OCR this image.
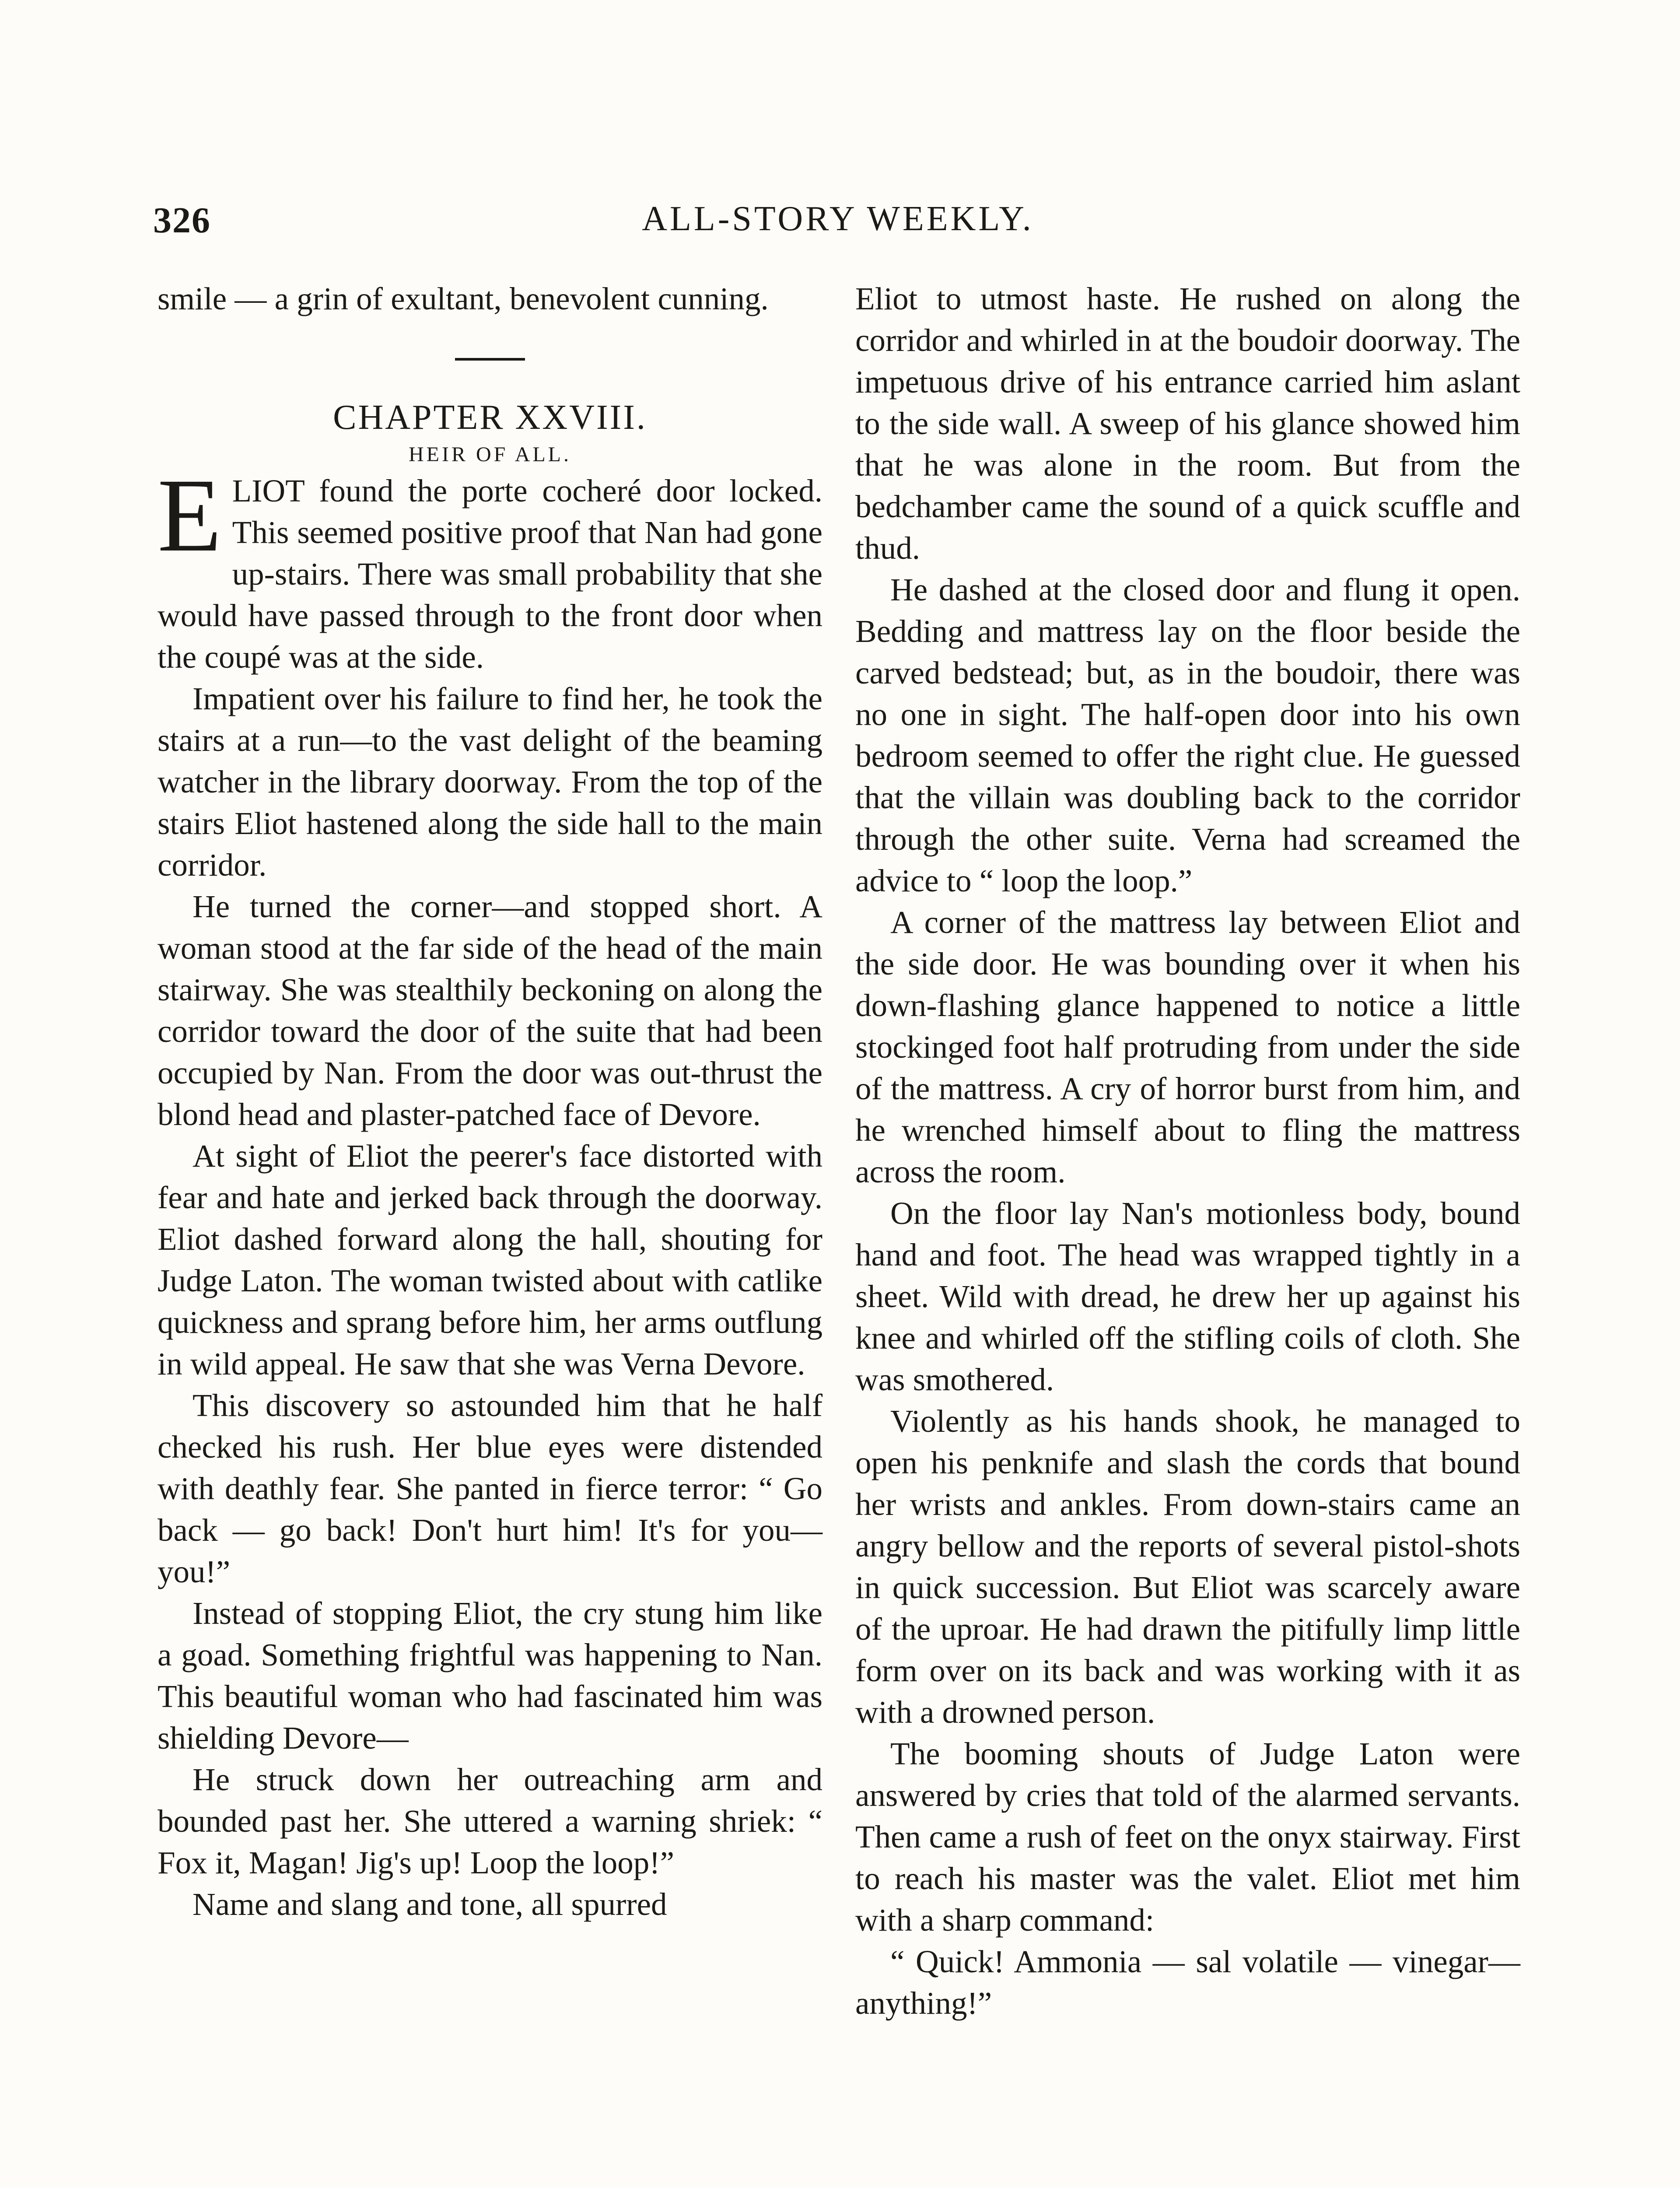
326	ALL-STORY WEEKLY.

smile — a grin of exultant, benevolent cunning.

CHAPTER XXVIII.

HEIR OF ALL.

ELIOT found the porte cocheré door locked. This seemed positive proof that Nan had gone up-stairs. There was small probability that she would have passed through to the front door when the coupé was at the side.

Impatient over his failure to find her, he took the stairs at a run—to the vast delight of the beaming watcher in the library doorway. From the top of the stairs Eliot hastened along the side hall to the main corridor.

He turned the corner—and stopped short. A woman stood at the far side of the head of the main stairway. She was stealthily beckoning on along the corridor toward the door of the suite that had been occupied by Nan. From the door was out-thrust the blond head and plaster-patched face of Devore.

At sight of Eliot the peerer's face distorted with fear and hate and jerked back through the doorway. Eliot dashed forward along the hall, shouting for Judge Laton. The woman twisted about with catlike quickness and sprang before him, her arms outflung in wild appeal. He saw that she was Verna Devore.

This discovery so astounded him that he half checked his rush. Her blue eyes were distended with deathly fear. She panted in fierce terror: “ Go back — go back! Don't hurt him! It's for you—you!”

Instead of stopping Eliot, the cry stung him like a goad. Something frightful was happening to Nan. This beautiful woman who had fascinated him was shielding Devore—

He struck down her outreaching arm and bounded past her. She uttered a warning shriek: “ Fox it, Magan! Jig's up! Loop the loop!”

Name and slang and tone, all spurred

Eliot to utmost haste. He rushed on along the corridor and whirled in at the boudoir doorway. The impetuous drive of his entrance carried him aslant to the side wall. A sweep of his glance showed him that he was alone in the room. But from the bedchamber came the sound of a quick scuffle and thud.

He dashed at the closed door and flung it open. Bedding and mattress lay on the floor beside the carved bedstead; but, as in the boudoir, there was no one in sight. The half-open door into his own bedroom seemed to offer the right clue. He guessed that the villain was doubling back to the corridor through the other suite. Verna had screamed the advice to “ loop the loop.”

A corner of the mattress lay between Eliot and the side door. He was bounding over it when his down-flashing glance happened to notice a little stockinged foot half protruding from under the side of the mattress. A cry of horror burst from him, and he wrenched himself about to fling the mattress across the room.

On the floor lay Nan's motionless body, bound hand and foot. The head was wrapped tightly in a sheet. Wild with dread, he drew her up against his knee and whirled off the stifling coils of cloth. She was smothered.

Violently as his hands shook, he managed to open his penknife and slash the cords that bound her wrists and ankles. From down-stairs came an angry bellow and the reports of several pistol-shots in quick succession. But Eliot was scarcely aware of the uproar. He had drawn the pitifully limp little form over on its back and was working with it as with a drowned person.

The booming shouts of Judge Laton were answered by cries that told of the alarmed servants. Then came a rush of feet on the onyx stairway. First to reach his master was the valet. Eliot met him with a sharp command:

“ Quick! Ammonia — sal volatile — vinegar—anything!”
